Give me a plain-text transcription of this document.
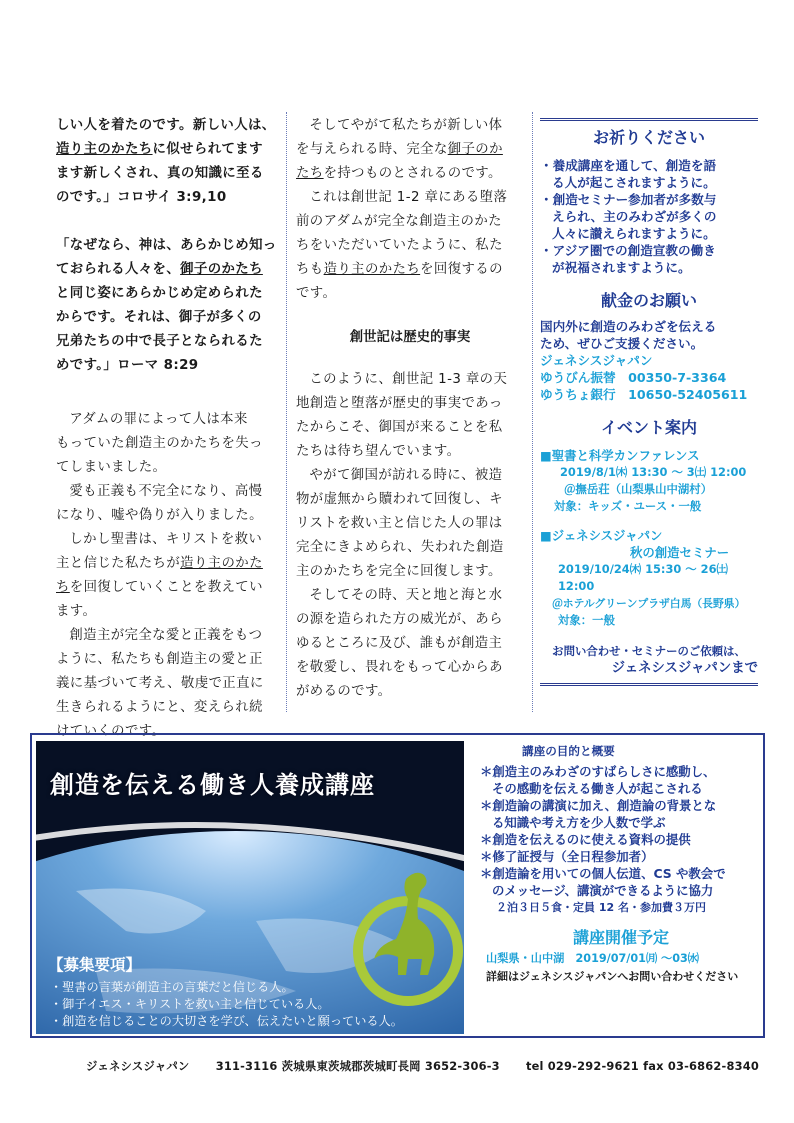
しい人を着たのです。新しい人は、
造り主のかたちに似せられてます
ます新しくされ、真の知識に至る
のです。」コロサイ 3:9,10

「なぜなら、神は、あらかじめ知っ
ておられる人々を、御子のかたち
と同じ姿にあらかじめ定められた
からです。それは、御子が多くの
兄弟たちの中で長子となられるた
めです。」ローマ 8:29

アダムの罪によって人は本来
もっていた創造主のかたちを失っ
てしまいました。

愛も正義も不完全になり、高慢
になり、嘘や偽りが入りました。

しかし聖書は、キリストを救い
主と信じた私たちが造り主のかた
ちを回復していくことを教えてい
ます。

創造主が完全な愛と正義をもつ
ように、私たちも創造主の愛と正
義に基づいて考え、敬虔で正直に
生きられるようにと、変えられ続
けていくのです。

そしてやがて私たちが新しい体
を与えられる時、完全な御子のか
たちを持つものとされるのです。

これは創世記 1-2 章にある堕落
前のアダムが完全な創造主のかた
ちをいただいていたように、私た
ちも造り主のかたちを回復するの
です。

創世記は歴史的事実

このように、創世記 1-3 章の天
地創造と堕落が歴史的事実であっ
たからこそ、御国が来ることを私
たちは待ち望んでいます。

やがて御国が訪れる時に、被造
物が虚無から贖われて回復し、キ
リストを救い主と信じた人の罪は
完全にきよめられ、失われた創造
主のかたちを完全に回復します。

そしてその時、天と地と海と水
の源を造られた方の威光が、あら
ゆるところに及び、誰もが創造主
を敬愛し、畏れをもって心からあ
がめるのです。

お祈りください

・養成講座を通して、創造を語
る人が起こされますように。

・創造セミナー参加者が多数与
えられ、主のみわざが多くの
人々に讃えられますように。

・アジア圏での創造宣教の働き
が祝福されますように。

献金のお願い

国内外に創造のみわざを伝える
ため、ぜひご支援ください。

ジェネシスジャパン

ゆうびん振替　00350-7-3364

ゆうちょ銀行　10650-52405611

イベント案内

■聖書と科学カンファレンス

2019/8/1㈭ 13:30 〜 3㈯ 12:00

＠撫岳荘（山梨県山中湖村）

対象：キッズ・ユース・一般

■ジェネシスジャパン

秋の創造セミナー

2019/10/24㈭ 15:30 〜 26㈯ 12:00

＠ホテルグリーンプラザ白馬（長野県）

対象：一般

お問い合わせ・セミナーのご依頼は、

ジェネシスジャパンまで

創造を伝える働き人養成講座
【募集要項】

・聖書の言葉が創造主の言葉だと信じる人。
・御子イエス・キリストを救い主と信じている人。
・創造を信じることの大切さを学び、伝えたいと願っている人。

講座の目的と概要

＊創造主のみわざのすばらしさに感動し、
その感動を伝える働き人が起こされる

＊創造論の講演に加え、創造論の背景とな
る知識や考え方を少人数で学ぶ

＊創造を伝えるのに使える資料の提供

＊修了証授与（全日程参加者）

＊創造論を用いての個人伝道、CS や教会で
のメッセージ、講演ができるように協力

２泊３日５食・定員 12 名・参加費３万円

講座開催予定

山梨県・山中湖　2019/07/01㈪ 〜03㈬

詳細はジェネシスジャパンへお問い合わせください

ジェネシスジャパン 311-3116 茨城県東茨城郡茨城町長岡 3652-306-3 tel 029-292-9621 fax 03-6862-8340
